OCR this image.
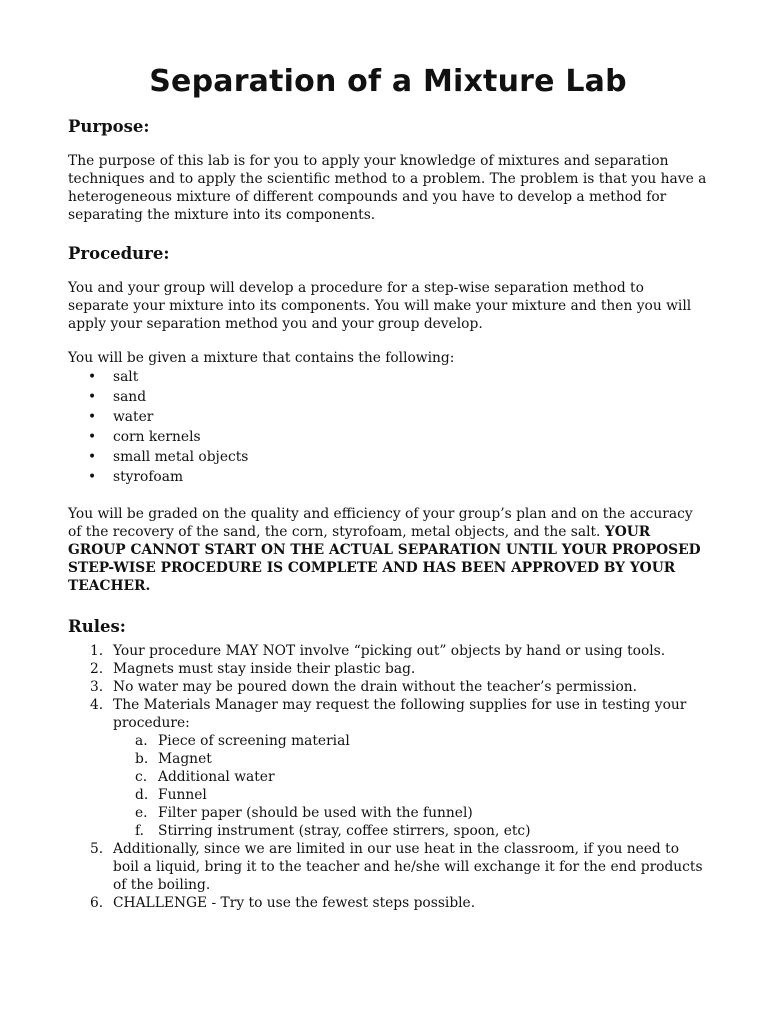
Separation of a Mixture Lab
Purpose:

The purpose of this lab is for you to apply your knowledge of mixtures and separation techniques and to apply the scientific method to a problem. The problem is that you have a heterogeneous mixture of different compounds and you have to develop a method for separating the mixture into its components.

Procedure:

You and your group will develop a procedure for a step-wise separation method to separate your mixture into its components. You will make your mixture and then you will apply your separation method you and your group develop.

You will be given a mixture that contains the following:

• salt
• sand
• water
• corn kernels
• small metal objects
• styrofoam

You will be graded on the quality and efficiency of your group’s plan and on the accuracy of the recovery of the sand, the corn, styrofoam, metal objects, and the salt. YOUR GROUP CANNOT START ON THE ACTUAL SEPARATION UNTIL YOUR PROPOSED STEP-WISE PROCEDURE IS COMPLETE AND HAS BEEN APPROVED BY YOUR TEACHER.

Rules:
1. Your procedure MAY NOT involve “picking out” objects by hand or using tools.
2. Magnets must stay inside their plastic bag.
3. No water may be poured down the drain without the teacher’s permission.
4. The Materials Manager may request the following supplies for use in testing your procedure:
a. Piece of screening material
b. Magnet
c. Additional water
d. Funnel
e. Filter paper (should be used with the funnel)
f. Stirring instrument (stray, coffee stirrers, spoon, etc)
5. Additionally, since we are limited in our use heat in the classroom, if you need to boil a liquid, bring it to the teacher and he/she will exchange it for the end products of the boiling.
6. CHALLENGE - Try to use the fewest steps possible.
